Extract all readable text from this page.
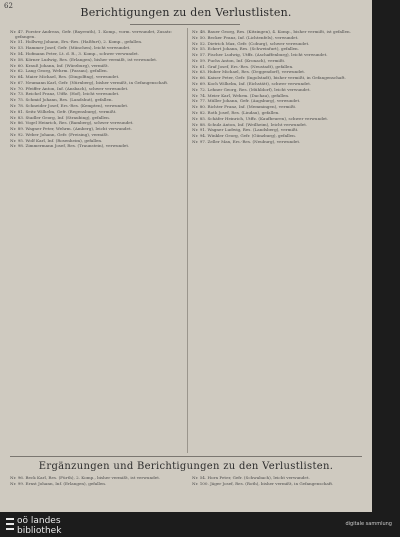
62	Berichtigungen zu den Verlustlisten.
Nr. 47. Forster Andreas, Gefr. (Bayreuth), 1. Komp., vorm. verwundet, Zusatz: gefangen.
Nr. 51. Hollweg Johann, Ers.-Res. (Haßfurt), 2. Komp., gefallen.
Nr. 53. Hammer Josef, Gefr. (München), leicht verwundet.
Nr. 54. Hofmann Peter, Lt. d. R., 3. Komp., schwer verwundet.
Nr. 58. Körner Ludwig, Res. (Erlangen), bisher vermißt, ist verwundet.
Nr. 60. Krauß Johann, Inf. (Würzburg), vermißt.
Nr. 62. Lang Georg, Wehrm. (Passau), gefallen.
Nr. 64. Maier Michael, Res. (Dingolfing), verwundet.
Nr. 67. Neumann Karl, Gefr. (Nürnberg), bisher vermißt, in Gefangenschaft.
Nr. 70. Pfeiffer Anton, Inf. (Ansbach), schwer verwundet.
Nr. 73. Reichel Franz, Utffz. (Hof), leicht verwundet.
Nr. 75. Schmid Johann, Res. (Landshut), gefallen.
Nr. 78. Schneider Josef, Ers.-Res. (Kempten), verwundet.
Nr. 81. Seitz Wilhelm, Gefr. (Regensburg), vermißt.
Nr. 83. Stadler Georg, Inf. (Straubing), gefallen.
Nr. 86. Vogel Heinrich, Res. (Bamberg), schwer verwundet.
Nr. 89. Wagner Peter, Wehrm. (Amberg), leicht verwundet.
Nr. 92. Weber Johann, Gefr. (Freising), vermißt.
Nr. 95. Wolf Karl, Inf. (Rosenheim), gefallen.
Nr. 98. Zimmermann Josef, Res. (Traunstein), verwundet.
Nr. 48. Bauer Georg, Res. (Kitzingen), 4. Komp., bisher vermißt, ist gefallen.
Nr. 50. Becker Franz, Inf. (Lichtenfels), verwundet.
Nr. 52. Dietrich Max, Gefr. (Coburg), schwer verwundet.
Nr. 55. Eckert Johann, Res. (Schweinfurt), gefallen.
Nr. 57. Fischer Ludwig, Utffz. (Aschaffenburg), leicht verwundet.
Nr. 59. Fuchs Anton, Inf. (Kronach), vermißt.
Nr. 61. Graf Josef, Ers.-Res. (Neustadt), gefallen.
Nr. 63. Huber Michael, Res. (Deggendorf), verwundet.
Nr. 66. Kaiser Peter, Gefr. (Ingolstadt), bisher vermißt, in Gefangenschaft.
Nr. 69. Koch Wilhelm, Inf. (Eichstätt), schwer verwundet.
Nr. 72. Lehner Georg, Res. (Mühldorf), leicht verwundet.
Nr. 74. Meier Karl, Wehrm. (Dachau), gefallen.
Nr. 77. Müller Johann, Gefr. (Augsburg), verwundet.
Nr. 80. Richter Franz, Inf. (Memmingen), vermißt.
Nr. 82. Roth Josef, Res. (Lindau), gefallen.
Nr. 85. Schäfer Heinrich, Utffz. (Kaufbeuren), schwer verwundet.
Nr. 88. Schulz Anton, Inf. (Weilheim), leicht verwundet.
Nr. 91. Wagner Ludwig, Res. (Landsberg), vermißt.
Nr. 94. Winkler Georg, Gefr. (Günzburg), gefallen.
Nr. 97. Zeller Max, Ers.-Res. (Neuburg), verwundet.
Ergänzungen und Berichtigungen zu den Verlustlisten.
Nr. 96. Beck Karl, Res. (Fürth), 2. Komp., bisher vermißt, ist verwundet.
Nr. 99. Ernst Johann, Inf. (Erlangen), gefallen.
Nr. 54. Horn Peter, Gefr. (Schwabach), leicht verwundet.
Nr. 100. Jäger Josef, Res. (Roth), bisher vermißt, in Gefangenschaft.
oö landes
bibliothek
digitale sammlung
